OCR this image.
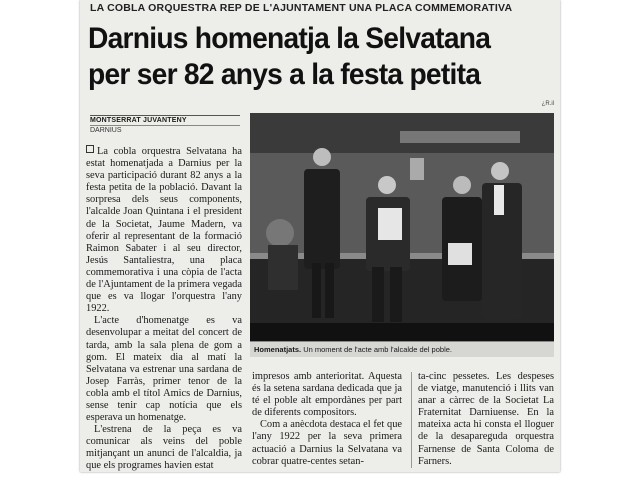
LA COBLA ORQUESTRA REP DE L'AJUNTAMENT UNA PLACA COMMEMORATIVA
Darnius homenatja la Selvatana
per ser 82 anys a la festa petita
¿R.il
MONTSERRAT JUVANTENY
DARNIUS

La cobla orquestra Selvatana ha estat homenatjada a Darnius per la seva participació durant 82 anys a la festa petita de la població. Davant la sorpresa dels seus components, l'alcalde Joan Quintana i el president de la Societat, Jaume Madern, va oferir al representant de la formació Raimon Sabater i al seu director, Jesús Santaliestra, una placa commemorativa i una còpia de l'acta de l'Ajuntament de la primera vegada que es va llogar l'orquestra l'any 1922.

L'acte d'homenatge es va desenvolupar a meitat del concert de tarda, amb la sala plena de gom a gom. El mateix dia al matí la Selvatana va estrenar una sardana de Josep Farràs, primer tenor de la cobla amb el títol Amics de Darnius, sense tenir cap notícia que els esperava un homenatge.

L'estrena de la peça es va comunicar als veins del poble mitjançant un anunci de l'alcaldia, ja que els programes havien estat

Homenatjats. Un moment de l'acte amb l'alcalde del poble.

impresos amb anterioritat. Aquesta és la setena sardana dedicada que ja té el poble alt empordànes per part de diferents compositors.

Com a anècdota destaca el fet que l'any 1922 per la seva primera actuació a Darnius la Selvatana va cobrar quatre-centes setan-

ta-cinc pessetes. Les despeses de viatge, manutenció i llits van anar a càrrec de la Societat La Fraternitat Darniuense. En la mateixa acta hi consta el lloguer de la desapareguda orquestra Farnense de Santa Coloma de Farners.
